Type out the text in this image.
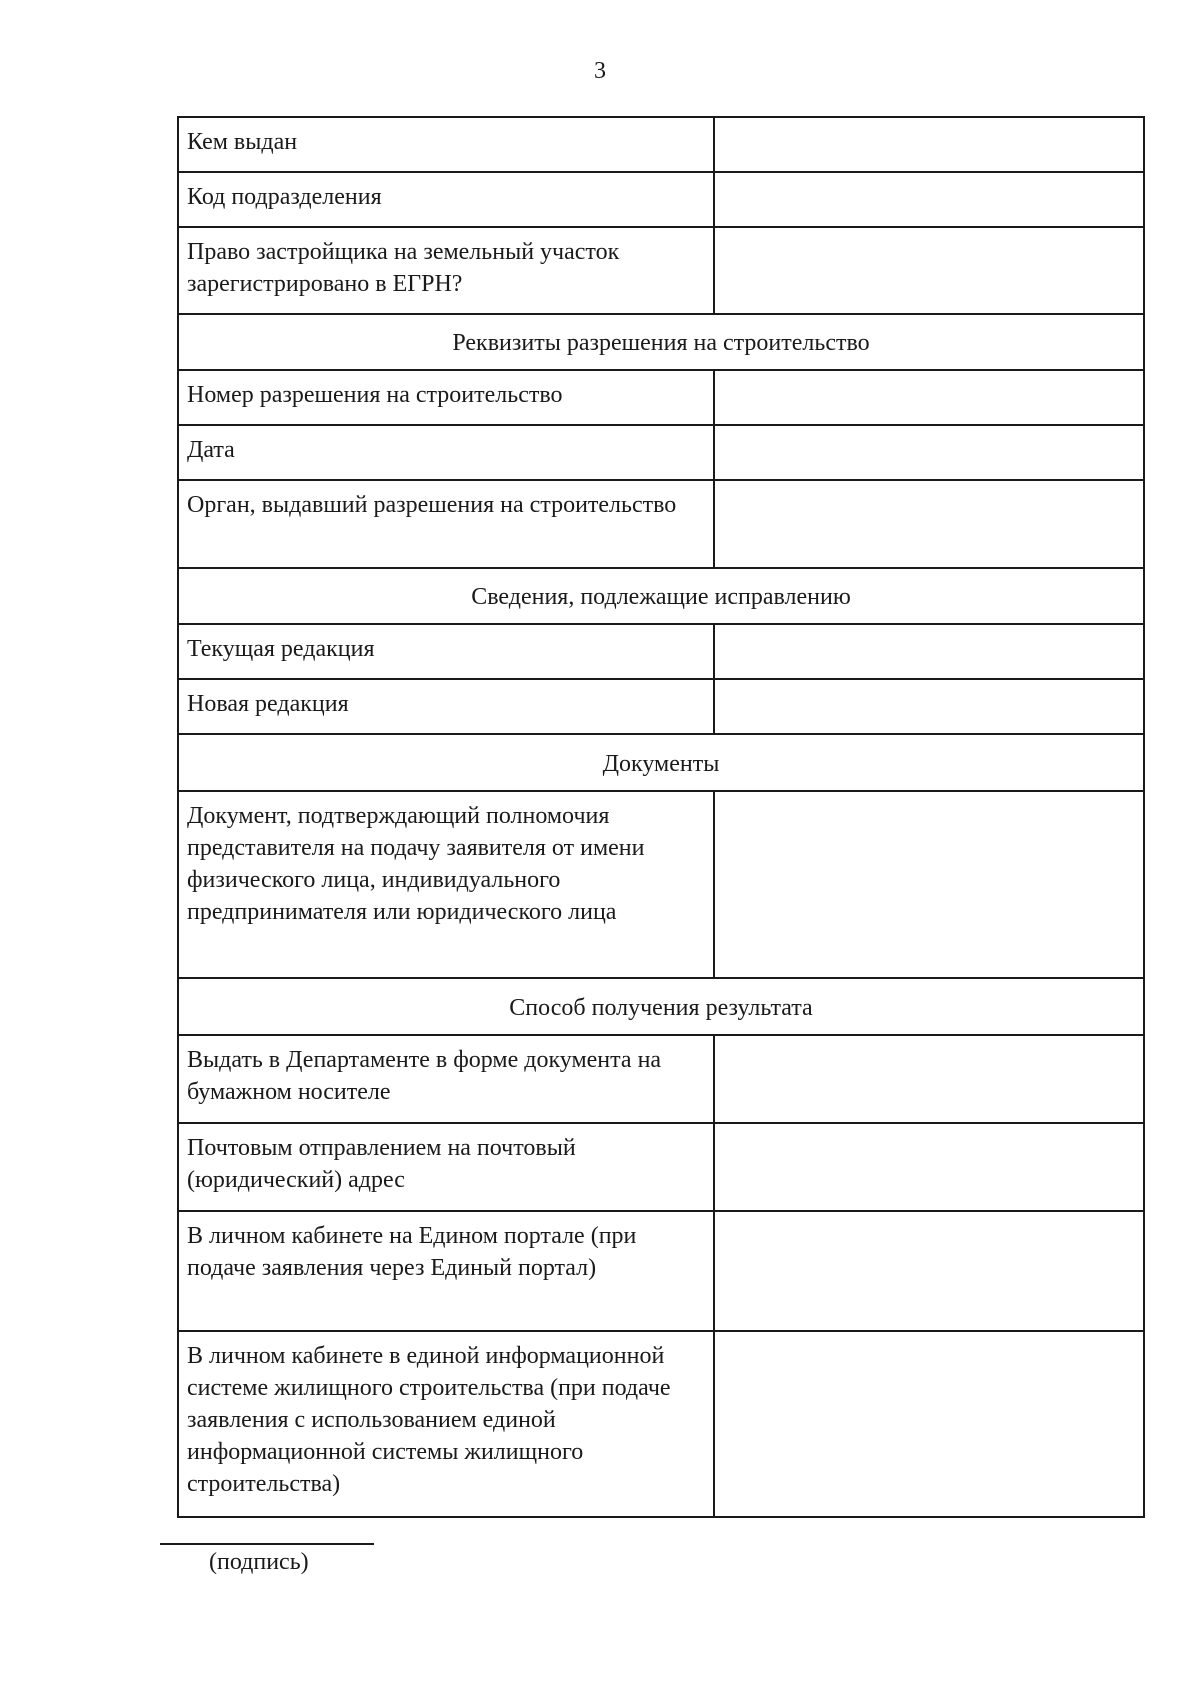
3
Кем выдан	
Код подразделения	
Право застройщика на земельный участок зарегистрировано в ЕГРН?	
Реквизиты разрешения на строительство	
Номер разрешения на строительство	
Дата	
Орган, выдавший разрешения на строительство	
Сведения, подлежащие исправлению	
Текущая редакция	
Новая редакция	
Документы	
Документ, подтверждающий полномочия представителя на подачу заявителя от имени физического лица, индивидуального предпринимателя или юридического лица	
Способ получения результата	
Выдать в Департаменте в форме документа на бумажном носителе	
Почтовым отправлением на почтовый (юридический) адрес	
В личном кабинете на Едином портале (при подаче заявления через Единый портал)	
В личном кабинете в единой информационной системе жилищного строительства (при подаче заявления с использованием единой информационной системы жилищного строительства)	
(подпись)
